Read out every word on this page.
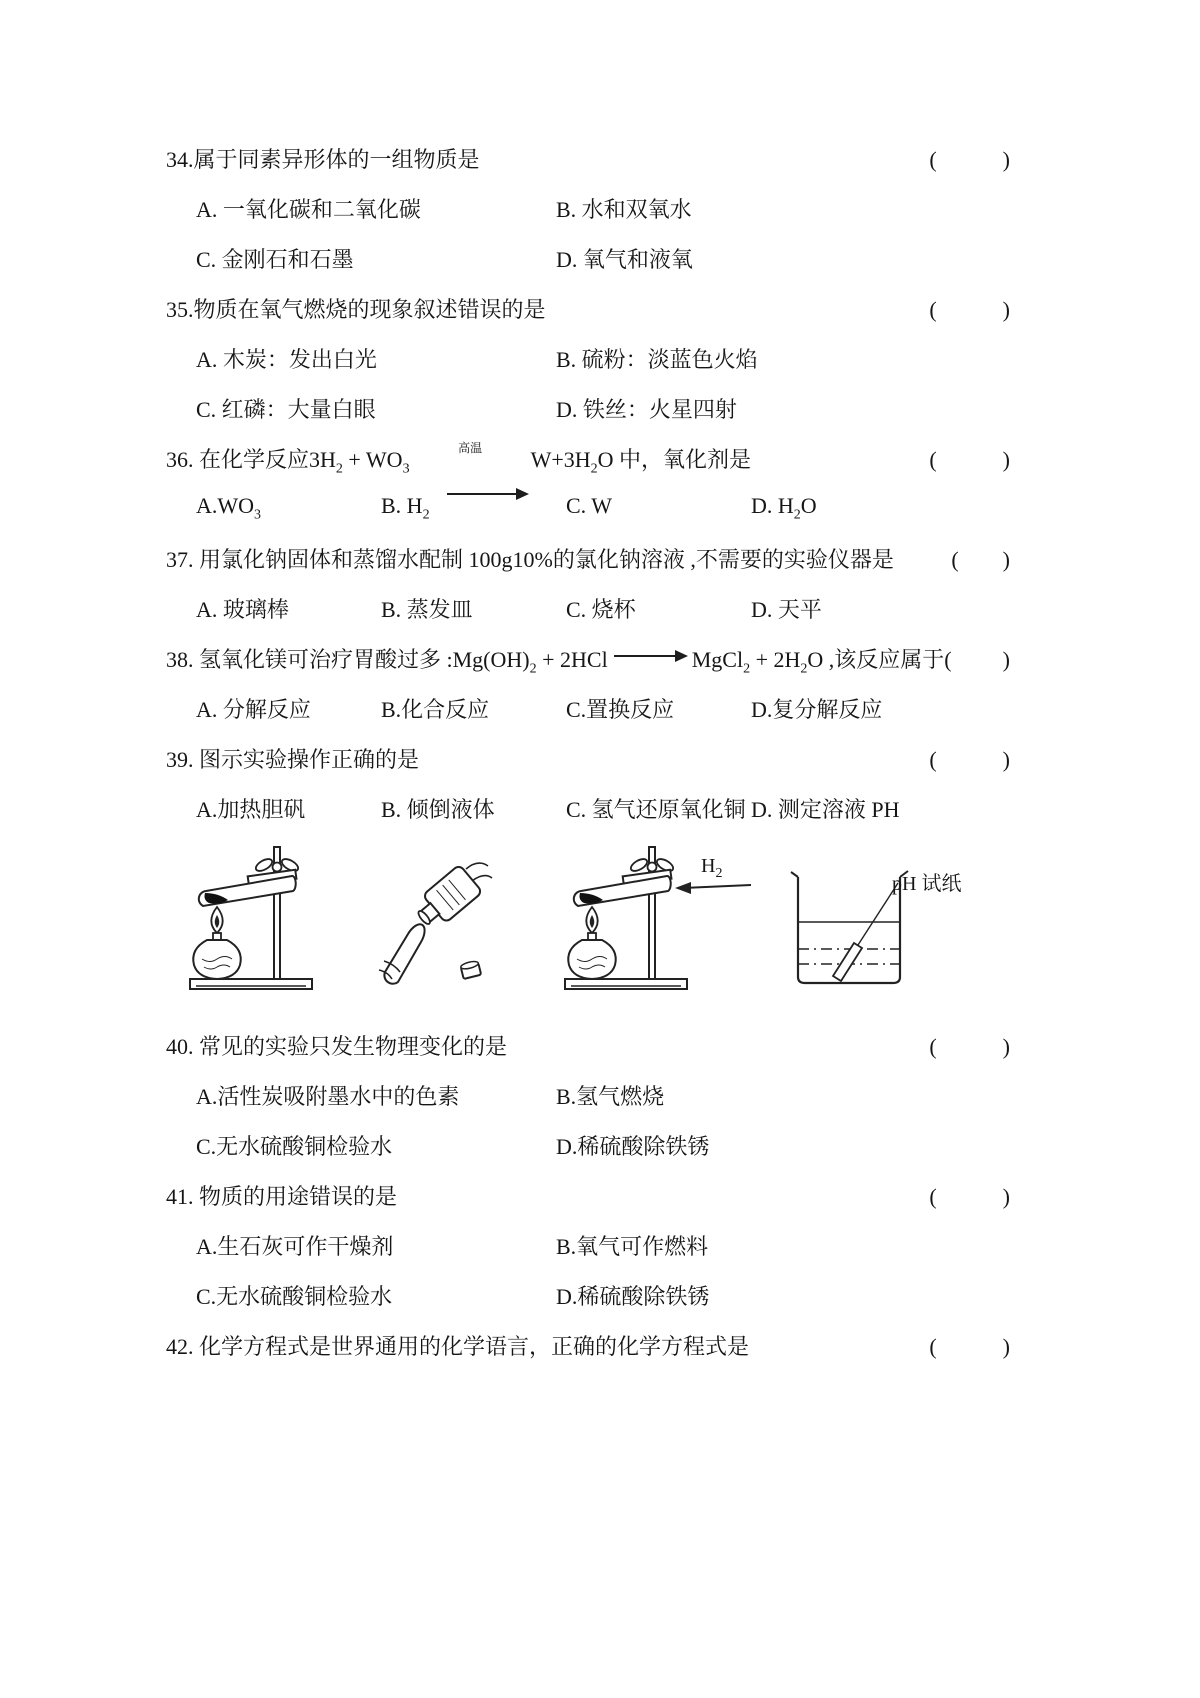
34. 属于同素异形体的一组物质是	(            )
A. 一氧化碳和二氧化碳	B. 水和双氧水
C. 金刚石和石墨	D. 氧气和液氧
35. 物质在氧气燃烧的现象叙述错误的是	(            )
A. 木炭：发出白光	B. 硫粉：淡蓝色火焰
C. 红磷：大量白眼	D. 铁丝：火星四射
36. 在化学反应 $3H_2 + WO_3$

高温

	$W+3H_2O$ 中，氧化剂是	(            )
$A.WO_3$	B. $H_2$	C. W	D. $H_2O$
37. 用氯化钠固体和蒸馏水配制 100g10%的氯化钠溶液 ,不需要的实验仪器是	(        )
A. 玻璃棒	B. 蒸发皿	C. 烧杯	D. 天平
38. 氢氧化镁可治疗胃酸过多 : $Mg(OH)_2 + 2HCl$	MgCl$_2$ + $2H_2O$ ,该反应属于( )
A. 分解反应	B.化合反应	C.置换反应	D.复分解反应
39. 图示实验操作正确的是	(            )
A.加热胆矾	B. 倾倒液体	C. 氢气还原氧化铜 D. 测定溶液 PH
$H_2$	pH 试纸
40. 常见的实验只发生物理变化的是	(            )
A.活性炭吸附墨水中的色素	B.氢气燃烧
C.无水硫酸铜检验水	D.稀硫酸除铁锈
41. 物质的用途错误的是	(            )
A.生石灰可作干燥剂	B.氧气可作燃料
C.无水硫酸铜检验水	D.稀硫酸除铁锈
42. 化学方程式是世界通用的化学语言，正确的化学方程式是	(            )
